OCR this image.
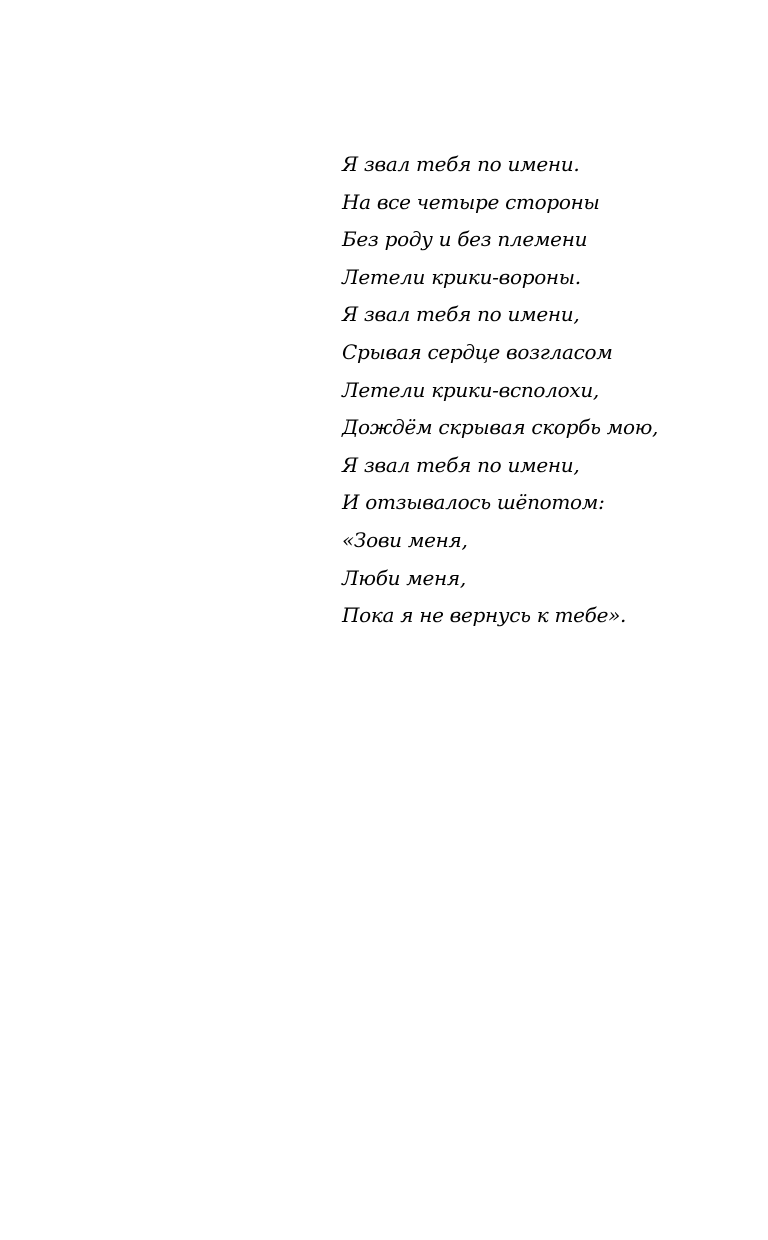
Я звал тебя по имени.
На все четыре стороны
Без роду и без племени
Летели крики-вороны.
Я звал тебя по имени,
Срывая сердце возгласом
Летели крики-всполохи,
Дождём скрывая скорбь мою,
Я звал тебя по имени,
И отзывалось шёпотом:
«Зови меня,
Люби меня,
Пока я не вернусь к тебе».
